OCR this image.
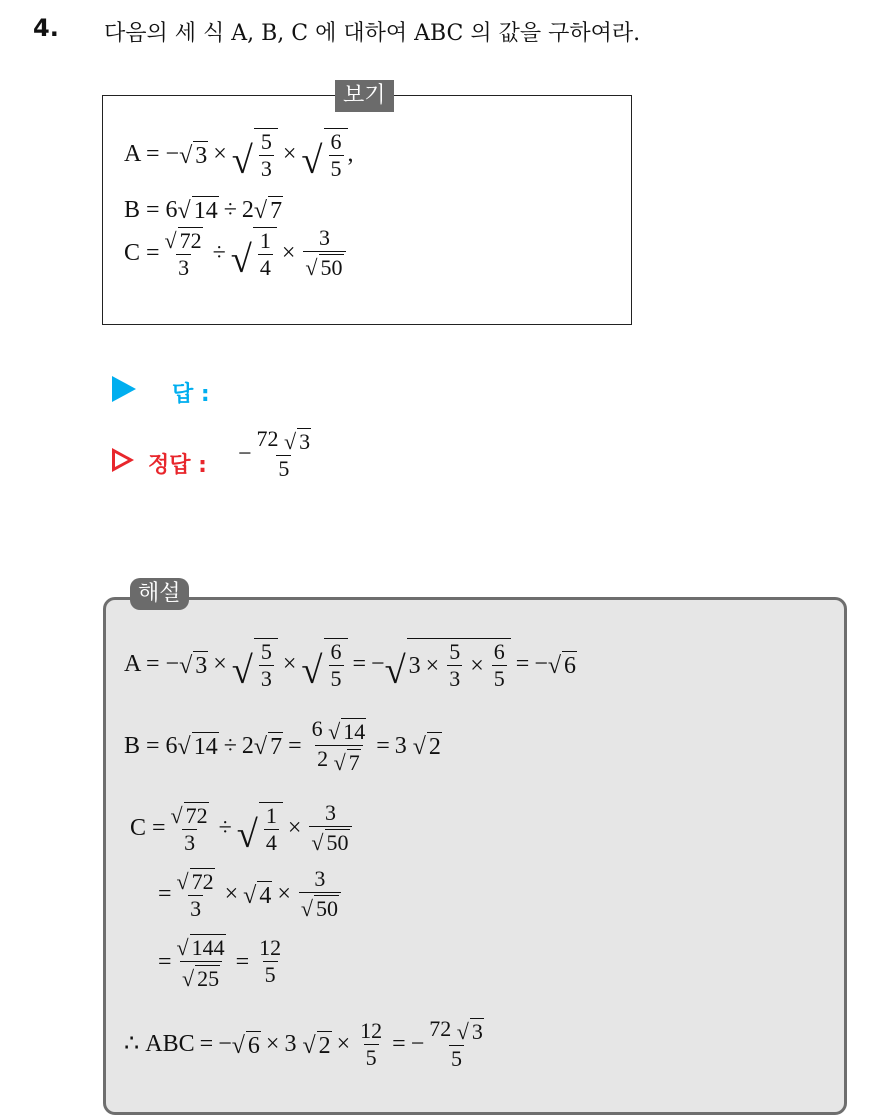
4. 다음의 세 식 A, B, C 에 대하여 ABC 의 값을 구하여라.
보기
A = − √ 3 × √ $\frac{5}{3}$ × √ $\frac{6}{5}$ ,
B = 6 √ 14 ÷ 2 √ 7
$C = \frac{√ 72}{3}$ ÷ √ $\frac{1}{4} \times \frac{3}{√ 50}$
답 :
정답 : − $\frac{72 √ 3}{5}$
해설
A = − √ 3 × √ $\frac{5}{3}$ × √ $\frac{6}{5}$ = − √ $3 \times \frac{5}{3} \times \frac{6}{5}$ = − √ 6
B = 6 √ 14 ÷ 2 √ $7 = \frac{6 √ 14}{2 √ 7} = 3$
√ 2
$C = \frac{√ 72}{3}$ ÷ √ $\frac{1}{4} \times \frac{3}{√ 50}$
= $\frac{√ 72}{3}$ × √ $4 \times \frac{3}{√ 50}$
= $\frac{√ 144}{√ 25} = \frac{12}{5}$
∴
ABC = − √ 6 × 3
√ $2 \times \frac{12}{5}$ = − $\frac{72 √ 3}{5}$
